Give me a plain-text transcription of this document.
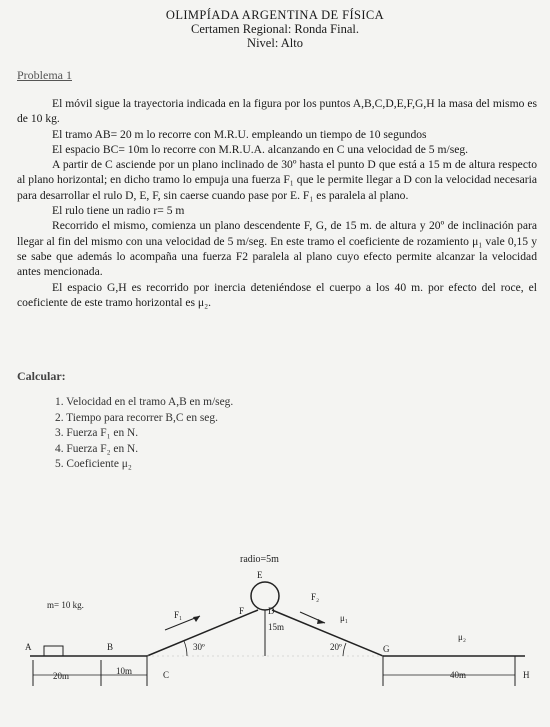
OLIMPÍADA ARGENTINA DE FÍSICA
Certamen Regional: Ronda Final.
Nivel: Alto
Problema 1

El móvil sigue la trayectoria indicada en la figura por los puntos A,B,C,D,E,F,G,H la masa del mismo es de 10 kg.

El tramo AB= 20 m lo recorre con M.R.U. empleando un tiempo de 10 segundos

El espacio BC= 10m lo recorre con M.R.U.A. alcanzando en C una velocidad de 5 m/seg.

A partir de C asciende por un plano inclinado de 30º hasta el punto D que está a 15 m de altura respecto al plano horizontal; en dicho tramo lo empuja una fuerza F₁ que le permite llegar a D con la velocidad necesaria para desarrollar el rulo D, E, F, sin caerse cuando pase por E. F₁ es paralela al plano.

El rulo tiene un radio r= 5 m

Recorrido el mismo, comienza un plano descendente F, G, de 15 m. de altura y 20º de inclinación para llegar al fin del mismo con una velocidad de 5 m/seg. En este tramo el coeficiente de rozamiento μ₁ vale 0,15 y se sabe que además lo acompaña una fuerza F2 paralela al plano cuyo efecto permite alcanzar la velocidad antes mencionada.

El espacio G,H es recorrido por inercia deteniéndose el cuerpo a los 40 m. por efecto del roce, el coeficiente de este tramo horizontal es μ₂.

Calcular:
1. Velocidad en el tramo A,B en m/seg.
2. Tiempo para recorrer B,C en seg.
3. Fuerza F₁ en N.
4. Fuerza F₂ en N.
5. Coeficiente μ₂
radio=5m
E
m= 10 kg.
F₁
F₂
μ₁
μ₂
F	D
15m
30º	20º
A	B
C
G
H
20m	10m	40m
